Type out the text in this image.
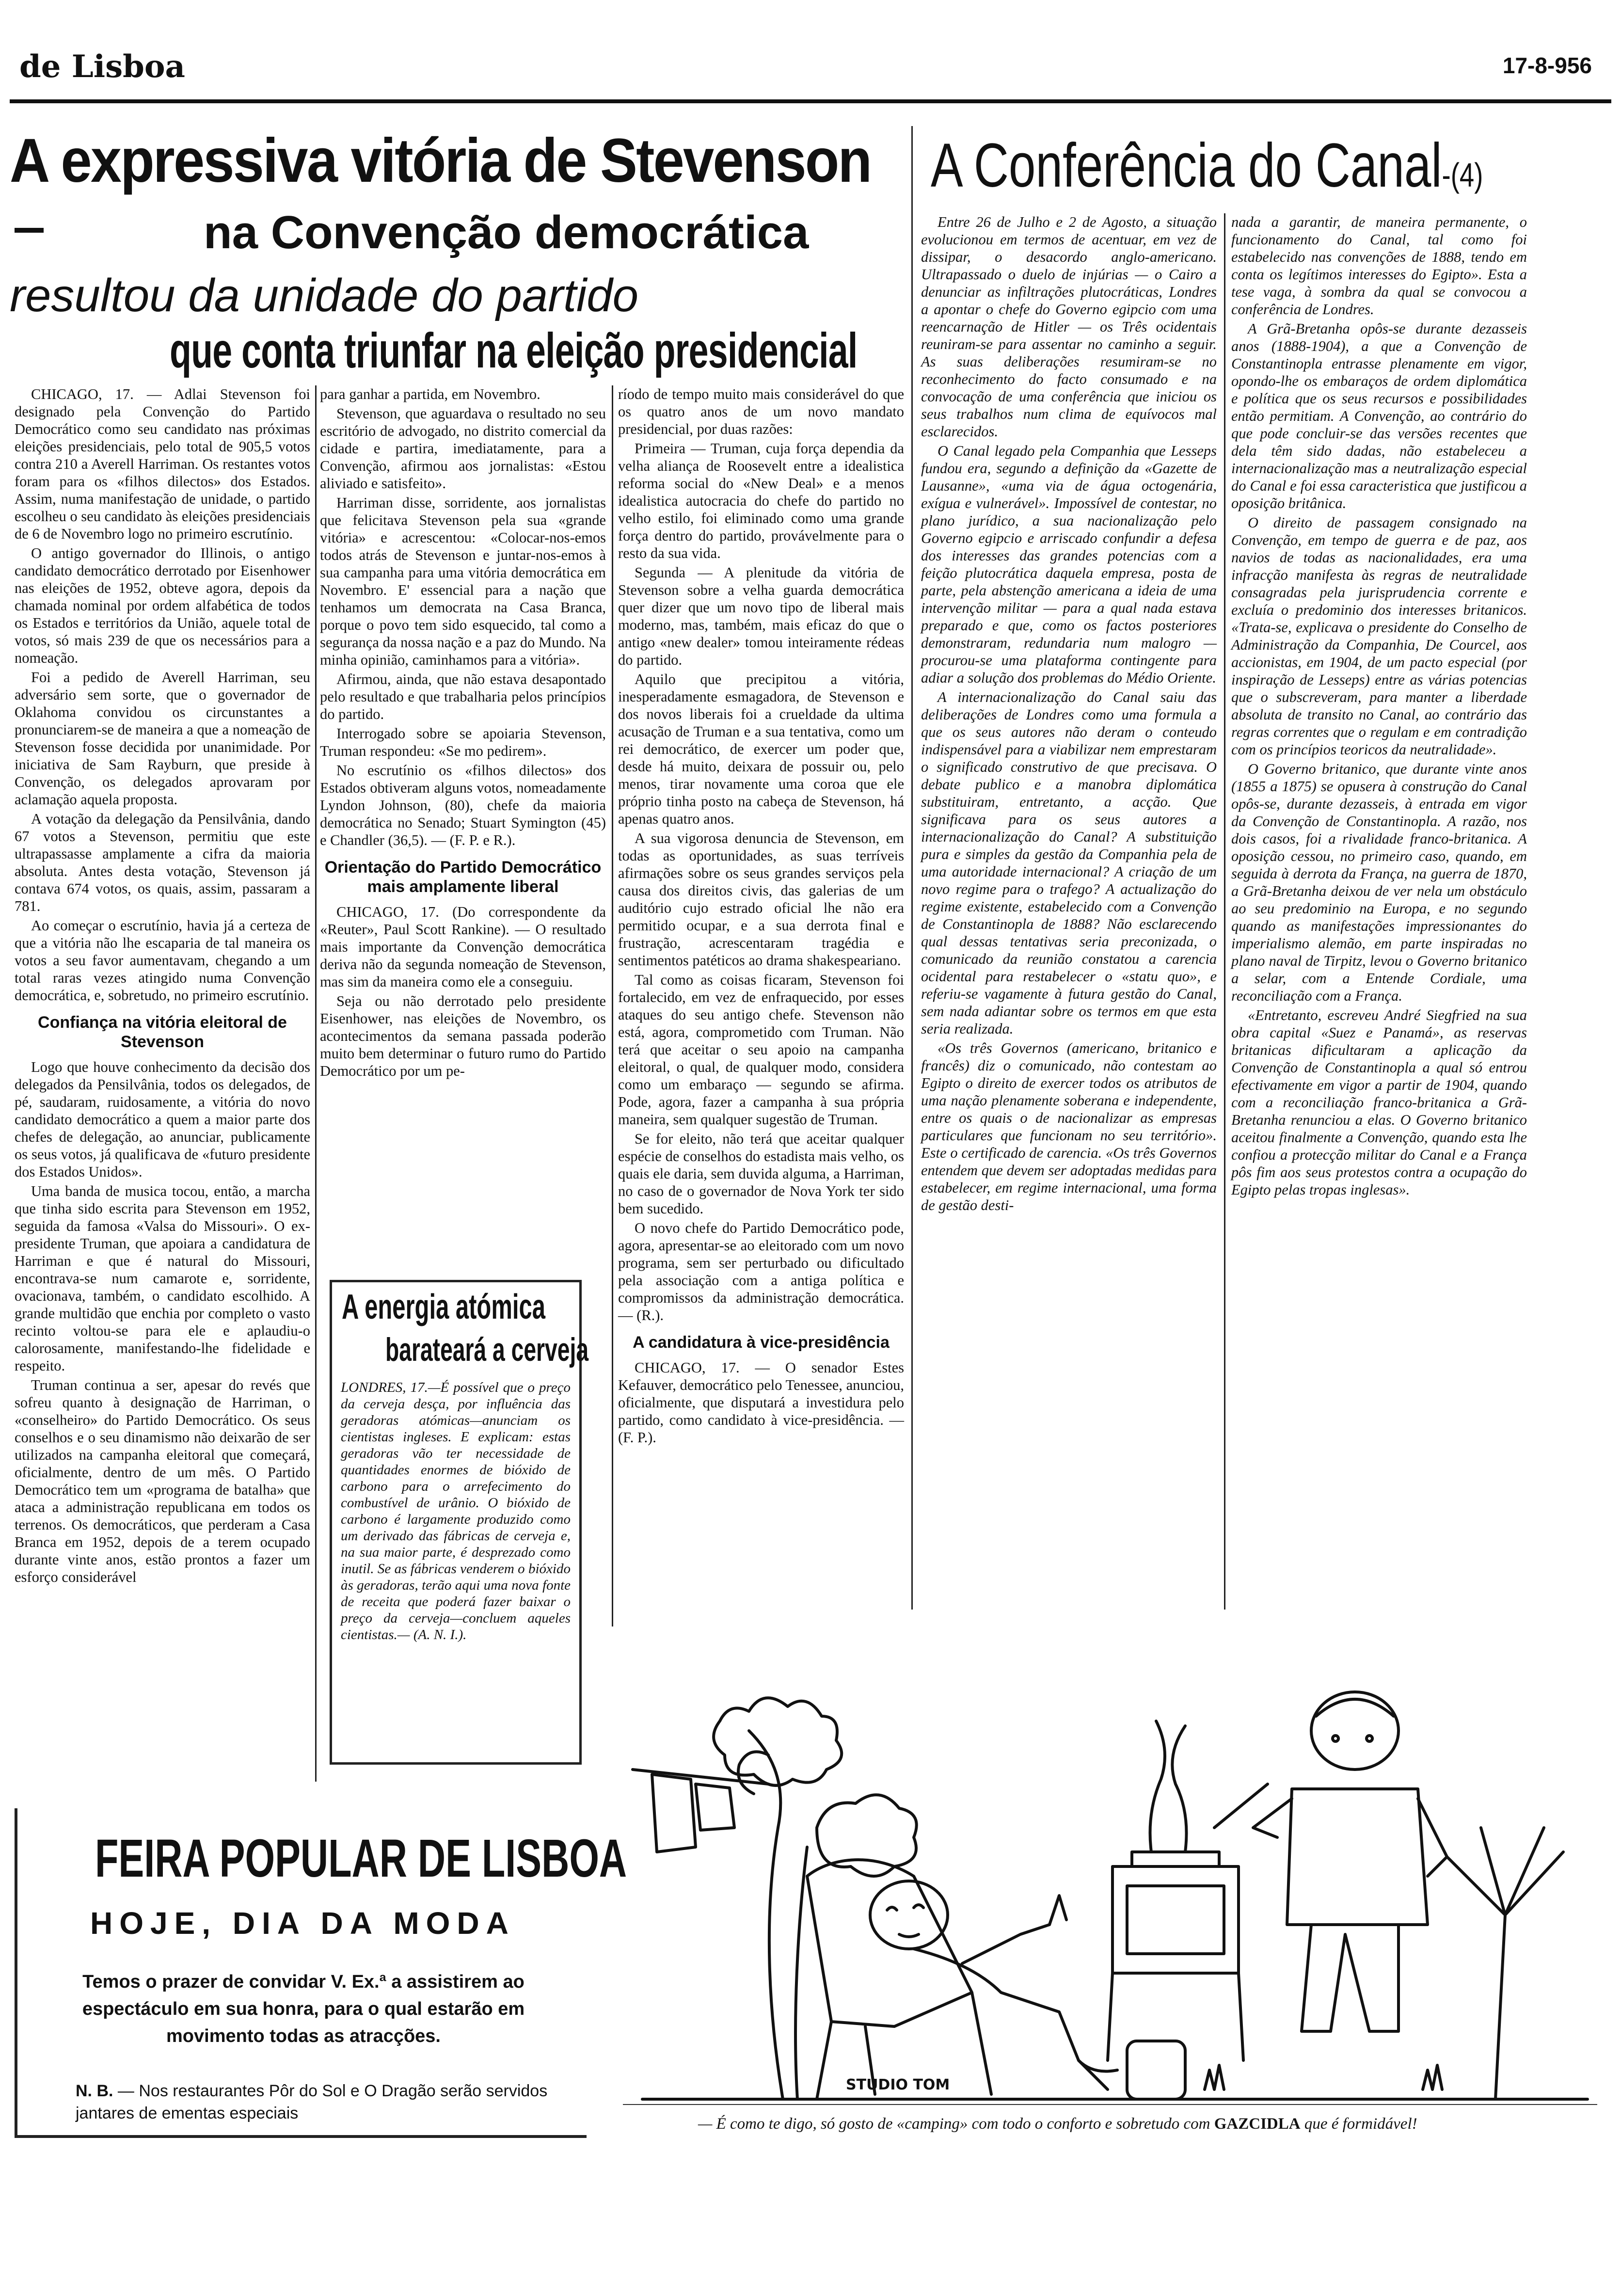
de Lisboa	17-8-956
A expressiva vitória de Stevenson
na Convenção democrática
resultou da unidade do partido
que conta triunfar na eleição presidencial
A Conferência do Canal-(4)

CHICAGO, 17. — Adlai Stevenson foi designado pela Convenção do Partido Democrático como seu candidato nas próximas eleições presidenciais, pelo total de 905,5 votos contra 210 a Averell Harriman. Os restantes votos foram para os «filhos dilectos» dos Estados. Assim, numa manifestação de unidade, o partido escolheu o seu candidato às eleições presidenciais de 6 de Novembro logo no primeiro escrutínio.

O antigo governador do Illinois, o antigo candidato democrático derrotado por Eisenhower nas eleições de 1952, obteve agora, depois da chamada nominal por ordem alfabética de todos os Estados e territórios da União, aquele total de votos, só mais 239 de que os necessários para a nomeação.

Foi a pedido de Averell Harriman, seu adversário sem sorte, que o governador de Oklahoma convidou os circunstantes a pronunciarem-se de maneira a que a nomeação de Stevenson fosse decidida por unanimidade. Por iniciativa de Sam Rayburn, que preside à Convenção, os delegados aprovaram por aclamação aquela proposta.

A votação da delegação da Pensilvânia, dando 67 votos a Stevenson, permitiu que este ultrapassasse amplamente a cifra da maioria absoluta. Antes desta votação, Stevenson já contava 674 votos, os quais, assim, passaram a 781.

Ao começar o escrutínio, havia já a certeza de que a vitória não lhe escaparia de tal maneira os votos a seu favor aumentavam, chegando a um total raras vezes atingido numa Convenção democrática, e, sobretudo, no primeiro escrutínio.

Confiança na vitória eleitoral de Stevenson

Logo que houve conhecimento da decisão dos delegados da Pensilvânia, todos os delegados, de pé, saudaram, ruidosamente, a vitória do novo candidato democrático a quem a maior parte dos chefes de delegação, ao anunciar, publicamente os seus votos, já qualificava de «futuro presidente dos Estados Unidos».

Uma banda de musica tocou, então, a marcha que tinha sido escrita para Stevenson em 1952, seguida da famosa «Valsa do Missouri». O ex-presidente Truman, que apoiara a candidatura de Harriman e que é natural do Missouri, encontrava-se num camarote e, sorridente, ovacionava, também, o candidato escolhido. A grande multidão que enchia por completo o vasto recinto voltou-se para ele e aplaudiu-o calorosamente, manifestando-lhe fidelidade e respeito.

Truman continua a ser, apesar do revés que sofreu quanto à designação de Harriman, o «conselheiro» do Partido Democrático. Os seus conselhos e o seu dinamismo não deixarão de ser utilizados na campanha eleitoral que começará, oficialmente, dentro de um mês. O Partido Democrático tem um «programa de batalha» que ataca a administração republicana em todos os terrenos. Os democráticos, que perderam a Casa Branca em 1952, depois de a terem ocupado durante vinte anos, estão prontos a fazer um esforço considerável

para ganhar a partida, em Novembro.

Stevenson, que aguardava o resultado no seu escritório de advogado, no distrito comercial da cidade e partira, imediatamente, para a Convenção, afirmou aos jornalistas: «Estou aliviado e satisfeito».

Harriman disse, sorridente, aos jornalistas que felicitava Stevenson pela sua «grande vitória» e acrescentou: «Colocar-nos-emos todos atrás de Stevenson e juntar-nos-emos à sua campanha para uma vitória democrática em Novembro. E' essencial para a nação que tenhamos um democrata na Casa Branca, porque o povo tem sido esquecido, tal como a segurança da nossa nação e a paz do Mundo. Na minha opinião, caminhamos para a vitória».

Afirmou, ainda, que não estava desapontado pelo resultado e que trabalharia pelos princípios do partido.

Interrogado sobre se apoiaria Stevenson, Truman respondeu: «Se mo pedirem».

No escrutínio os «filhos dilectos» dos Estados obtiveram alguns votos, nomeadamente Lyndon Johnson, (80), chefe da maioria democrática no Senado; Stuart Symington (45) e Chandler (36,5). — (F. P. e R.).

Orientação do Partido Democrático mais amplamente liberal

CHICAGO, 17. (Do correspondente da «Reuter», Paul Scott Rankine). — O resultado mais importante da Convenção democrática deriva não da segunda nomeação de Stevenson, mas sim da maneira como ele a conseguiu.

Seja ou não derrotado pelo presidente Eisenhower, nas eleições de Novembro, os acontecimentos da semana passada poderão muito bem determinar o futuro rumo do Partido Democrático por um pe-

A energia atómica
barateará a cerveja
LONDRES, 17.—É possível que o preço da cerveja desça, por influência das geradoras atómicas—anunciam os cientistas ingleses. E explicam: estas geradoras vão ter necessidade de quantidades enormes de bióxido de carbono para o arrefecimento do combustível de urânio. O bióxido de carbono é largamente produzido como um derivado das fábricas de cerveja e, na sua maior parte, é desprezado como inutil. Se as fábricas venderem o bióxido às geradoras, terão aqui uma nova fonte de receita que poderá fazer baixar o preço da cerveja—concluem aqueles cientistas.— (A. N. I.).

ríodo de tempo muito mais considerável do que os quatro anos de um novo mandato presidencial, por duas razões:

Primeira — Truman, cuja força dependia da velha aliança de Roosevelt entre a idealistica reforma social do «New Deal» e a menos idealistica autocracia do chefe do partido no velho estilo, foi eliminado como uma grande força dentro do partido, provávelmente para o resto da sua vida.

Segunda — A plenitude da vitória de Stevenson sobre a velha guarda democrática quer dizer que um novo tipo de liberal mais moderno, mas, também, mais eficaz do que o antigo «new dealer» tomou inteiramente rédeas do partido.

Aquilo que precipitou a vitória, inesperadamente esmagadora, de Stevenson e dos novos liberais foi a crueldade da ultima acusação de Truman e a sua tentativa, como um rei democrático, de exercer um poder que, desde há muito, deixara de possuir ou, pelo menos, tirar novamente uma coroa que ele próprio tinha posto na cabeça de Stevenson, há apenas quatro anos.

A sua vigorosa denuncia de Stevenson, em todas as oportunidades, as suas terríveis afirmações sobre os seus grandes serviços pela causa dos direitos civis, das galerias de um auditório cujo estrado oficial lhe não era permitido ocupar, e a sua derrota final e frustração, acrescentaram tragédia e sentimentos patéticos ao drama shakespeariano.

Tal como as coisas ficaram, Stevenson foi fortalecido, em vez de enfraquecido, por esses ataques do seu antigo chefe. Stevenson não está, agora, comprometido com Truman. Não terá que aceitar o seu apoio na campanha eleitoral, o qual, de qualquer modo, considera como um embaraço — segundo se afirma. Pode, agora, fazer a campanha à sua própria maneira, sem qualquer sugestão de Truman.

Se for eleito, não terá que aceitar qualquer espécie de conselhos do estadista mais velho, os quais ele daria, sem duvida alguma, a Harriman, no caso de o governador de Nova York ter sido bem sucedido.

O novo chefe do Partido Democrático pode, agora, apresentar-se ao eleitorado com um novo programa, sem ser perturbado ou dificultado pela associação com a antiga política e compromissos da administração democrática. — (R.).

A candidatura à vice-presidência

CHICAGO, 17. — O senador Estes Kefauver, democrático pelo Tenessee, anunciou, oficialmente, que disputará a investidura pelo partido, como candidato à vice-presidência. — (F. P.).

Entre 26 de Julho e 2 de Agosto, a situação evolucionou em termos de acentuar, em vez de dissipar, o desacordo anglo-americano. Ultrapassado o duelo de injúrias — o Cairo a denunciar as infiltrações plutocráticas, Londres a apontar o chefe do Governo egipcio com uma reencarnação de Hitler — os Três ocidentais reuniram-se para assentar no caminho a seguir. As suas deliberações resumiram-se no reconhecimento do facto consumado e na convocação de uma conferência que iniciou os seus trabalhos num clima de equívocos mal esclarecidos.

O Canal legado pela Companhia que Lesseps fundou era, segundo a definição da «Gazette de Lausanne», «uma via de água octogenária, exígua e vulnerável». Impossível de contestar, no plano jurídico, a sua nacionalização pelo Governo egipcio e arriscado confundir a defesa dos interesses das grandes potencias com a feição plutocrática daquela empresa, posta de parte, pela abstenção americana a ideia de uma intervenção militar — para a qual nada estava preparado e que, como os factos posteriores demonstraram, redundaria num malogro — procurou-se uma plataforma contingente para adiar a solução dos problemas do Médio Oriente.

A internacionalização do Canal saiu das deliberações de Londres como uma formula a que os seus autores não deram o conteudo indispensável para a viabilizar nem emprestaram o significado construtivo de que precisava. O debate publico e a manobra diplomática substituiram, entretanto, a acção. Que significava para os seus autores a internacionalização do Canal? A substituição pura e simples da gestão da Companhia pela de uma autoridade internacional? A criação de um novo regime para o trafego? A actualização do regime existente, estabelecido com a Convenção de Constantinopla de 1888? Não esclarecendo qual dessas tentativas seria preconizada, o comunicado da reunião constatou a carencia ocidental para restabelecer o «statu quo», e referiu-se vagamente à futura gestão do Canal, sem nada adiantar sobre os termos em que esta seria realizada.

«Os três Governos (americano, britanico e francês) diz o comunicado, não contestam ao Egipto o direito de exercer todos os atributos de uma nação plenamente soberana e independente, entre os quais o de nacionalizar as empresas particulares que funcionam no seu território». Este o certificado de carencia. «Os três Governos entendem que devem ser adoptadas medidas para estabelecer, em regime internacional, uma forma de gestão desti-

nada a garantir, de maneira permanente, o funcionamento do Canal, tal como foi estabelecido nas convenções de 1888, tendo em conta os legítimos interesses do Egipto». Esta a tese vaga, à sombra da qual se convocou a conferência de Londres.

A Grã-Bretanha opôs-se durante dezasseis anos (1888-1904), a que a Convenção de Constantinopla entrasse plenamente em vigor, opondo-lhe os embaraços de ordem diplomática e política que os seus recursos e possibilidades então permitiam. A Convenção, ao contrário do que pode concluir-se das versões recentes que dela têm sido dadas, não estabeleceu a internacionalização mas a neutralização especial do Canal e foi essa caracteristica que justificou a oposição britânica.

O direito de passagem consignado na Convenção, em tempo de guerra e de paz, aos navios de todas as nacionalidades, era uma infracção manifesta às regras de neutralidade consagradas pela jurisprudencia corrente e excluía o predominio dos interesses britanicos. «Trata-se, explicava o presidente do Conselho de Administração da Companhia, De Courcel, aos accionistas, em 1904, de um pacto especial (por inspiração de Lesseps) entre as várias potencias que o subscreveram, para manter a liberdade absoluta de transito no Canal, ao contrário das regras correntes que o regulam e em contradição com os princípios teoricos da neutralidade».

O Governo britanico, que durante vinte anos (1855 a 1875) se opusera à construção do Canal opôs-se, durante dezasseis, à entrada em vigor da Convenção de Constantinopla. A razão, nos dois casos, foi a rivalidade franco-britanica. A oposição cessou, no primeiro caso, quando, em seguida à derrota da França, na guerra de 1870, a Grã-Bretanha deixou de ver nela um obstáculo ao seu predominio na Europa, e no segundo quando as manifestações impressionantes do imperialismo alemão, em parte inspiradas no plano naval de Tirpitz, levou o Governo britanico a selar, com a Entende Cordiale, uma reconciliação com a França.

«Entretanto, escreveu André Siegfried na sua obra capital «Suez e Panamá», as reservas britanicas dificultaram a aplicação da Convenção de Constantinopla a qual só entrou efectivamente em vigor a partir de 1904, quando com a reconciliação franco-britanica a Grã-Bretanha renunciou a elas. O Governo britanico aceitou finalmente a Convenção, quando esta lhe confiou a protecção militar do Canal e a França pôs fim aos seus protestos contra a ocupação do Egipto pelas tropas inglesas».

FEIRA POPULAR DE LISBOA
HOJE, DIA DA MODA
Temos o prazer de convidar V. Ex.ª a assistirem ao espectáculo em sua honra, para o qual estarão em movimento todas as atracções.
N. B. — Nos restaurantes Pôr do Sol e O Dragão serão servidos jantares de ementas especiais
STUDIO TOM
— É como te digo, só gosto de «camping» com todo o conforto e sobretudo com GAZCIDLA que é formidável!
